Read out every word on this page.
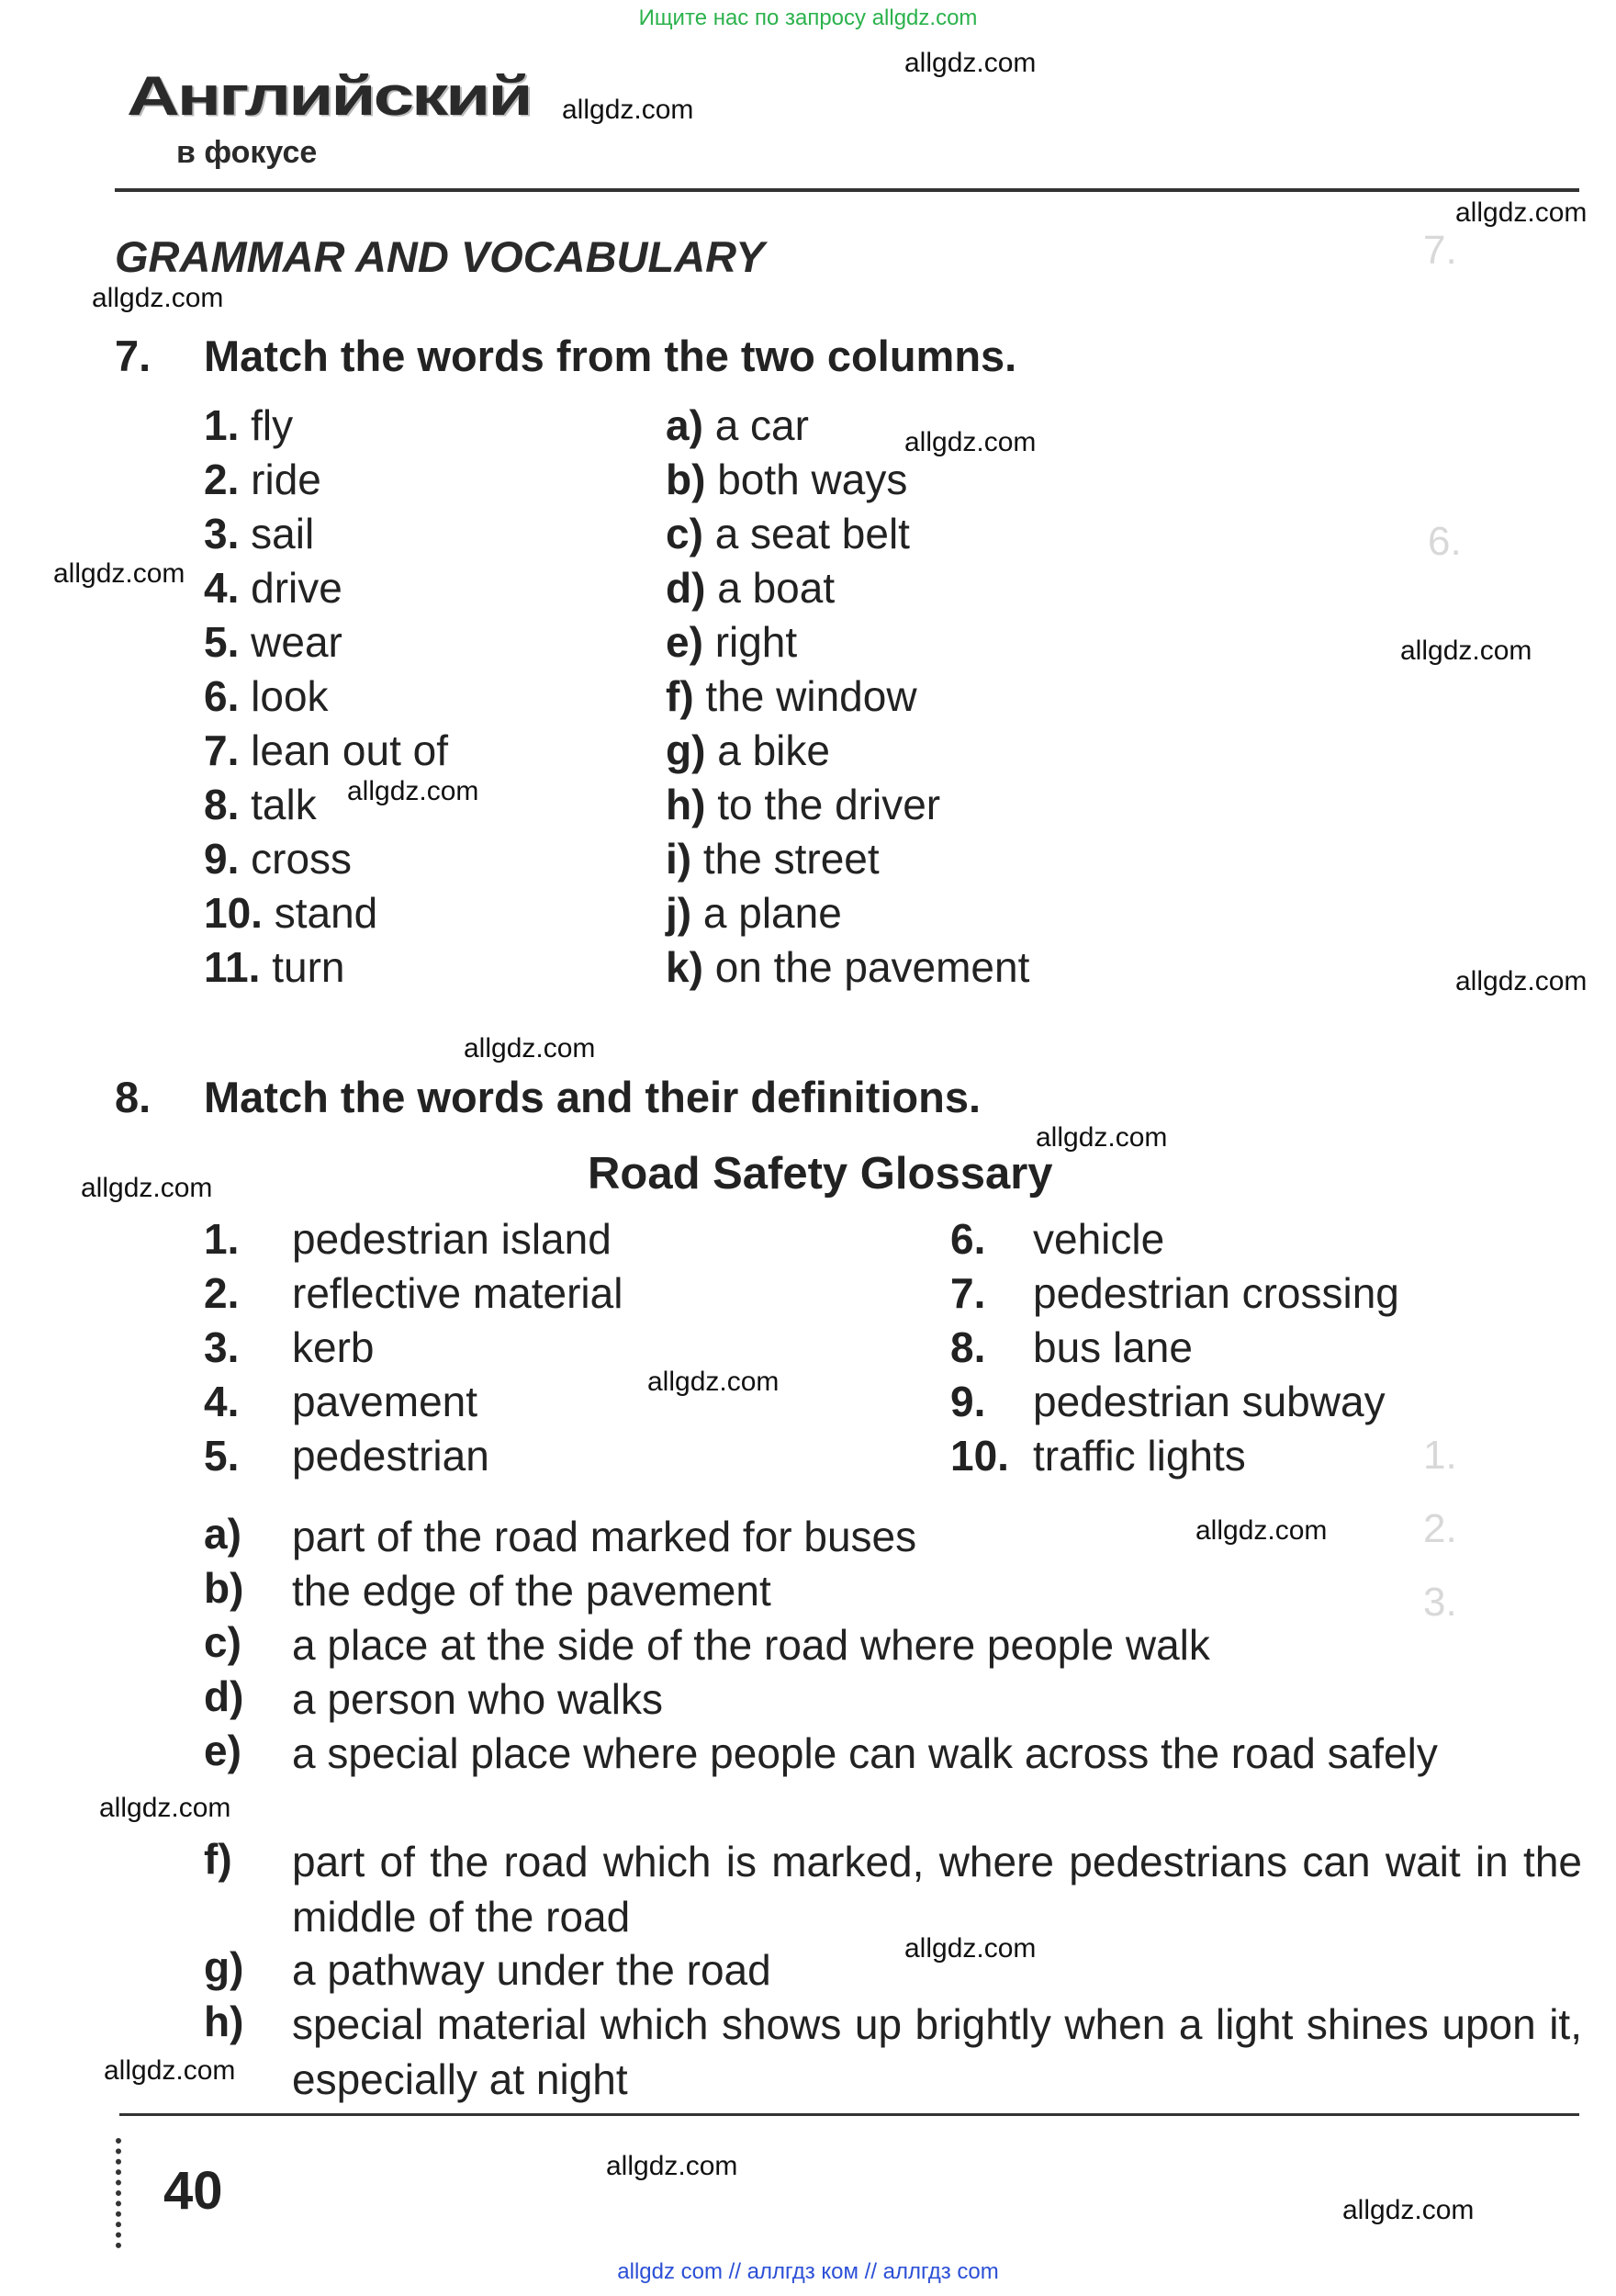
Ищите нас по запросу allgdz.com
allgdz com // аллгдз ком // аллгдз com
7.
6.
1.
2.
3.
Английский
в фокусе
GRAMMAR AND VOCABULARY
7. Match the words from the two columns.
1. fly
2. ride
3. sail
4. drive
5. wear
6. look
7. lean out of
8. talk
9. cross
10. stand
11. turn
a) a car
b) both ways
c) a seat belt
d) a boat
e) right
f) the window
g) a bike
h) to the driver
i) the street
j) a plane
k) on the pavement
8. Match the words and their definitions.
Road Safety Glossary
1. pedestrian island
2. reflective material
3. kerb
4. pavement
5. pedestrian
6. vehicle
7. pedestrian crossing
8. bus lane
9. pedestrian subway
10. traffic lights
a) part of the road marked for buses
b) the edge of the pavement
c) a place at the side of the road where people walk
d) a person who walks
e) a special place where people can walk across the road safely
f) part of the road which is marked, where pedestrians can wait in the middle of the road
g) a pathway under the road
h) special material which shows up brightly when a light shines upon it, especially at night
40
allgdz.com
allgdz.com
allgdz.com
allgdz.com
allgdz.com
allgdz.com
allgdz.com
allgdz.com
allgdz.com
allgdz.com
allgdz.com
allgdz.com
allgdz.com
allgdz.com
allgdz.com
allgdz.com
allgdz.com
allgdz.com
allgdz.com
